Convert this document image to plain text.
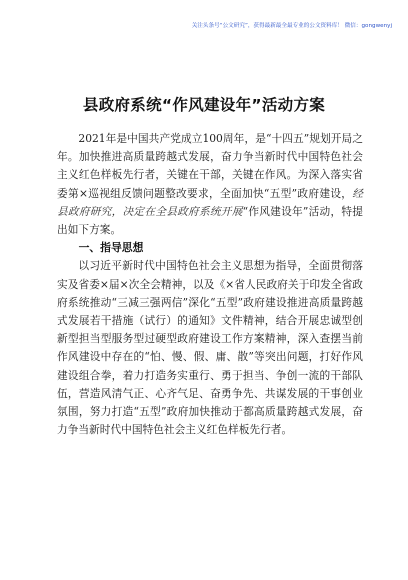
关注头条号“公文研究”，获得最新最全最专业的公文资料库！ 微信：gongwenyj
县政府系统“作风建设年”活动方案

2021年是中国共产党成立100周年，是“十四五”规划开局之年。加快推进高质量跨越式发展，奋力争当新时代中国特色社会主义红色样板先行者，关键在干部，关键在作风。为深入落实省委第×巡视组反馈问题整改要求，全面加快“五型”政府建设，经县政府研究，决定在全县政府系统开展“作风建设年”活动，特提出如下方案。

一、指导思想

以习近平新时代中国特色社会主义思想为指导，全面贯彻落实及省委×届×次全会精神，以及《×省人民政府关于印发全省政府系统推动“三减三强两信”深化“五型”政府建设推进高质量跨越式发展若干措施（试行）的通知》文件精神，结合开展忠诚型创新型担当型服务型过硬型政府建设工作方案精神，深入查摆当前作风建设中存在的“怕、慢、假、庸、散”等突出问题，打好作风建设组合拳，着力打造务实重行、勇于担当、争创一流的干部队伍，营造风清气正、心齐气足、奋勇争先、共谋发展的干事创业氛围，努力打造“五型”政府加快推动于都高质量跨越式发展，奋力争当新时代中国特色社会主义红色样板先行者。
